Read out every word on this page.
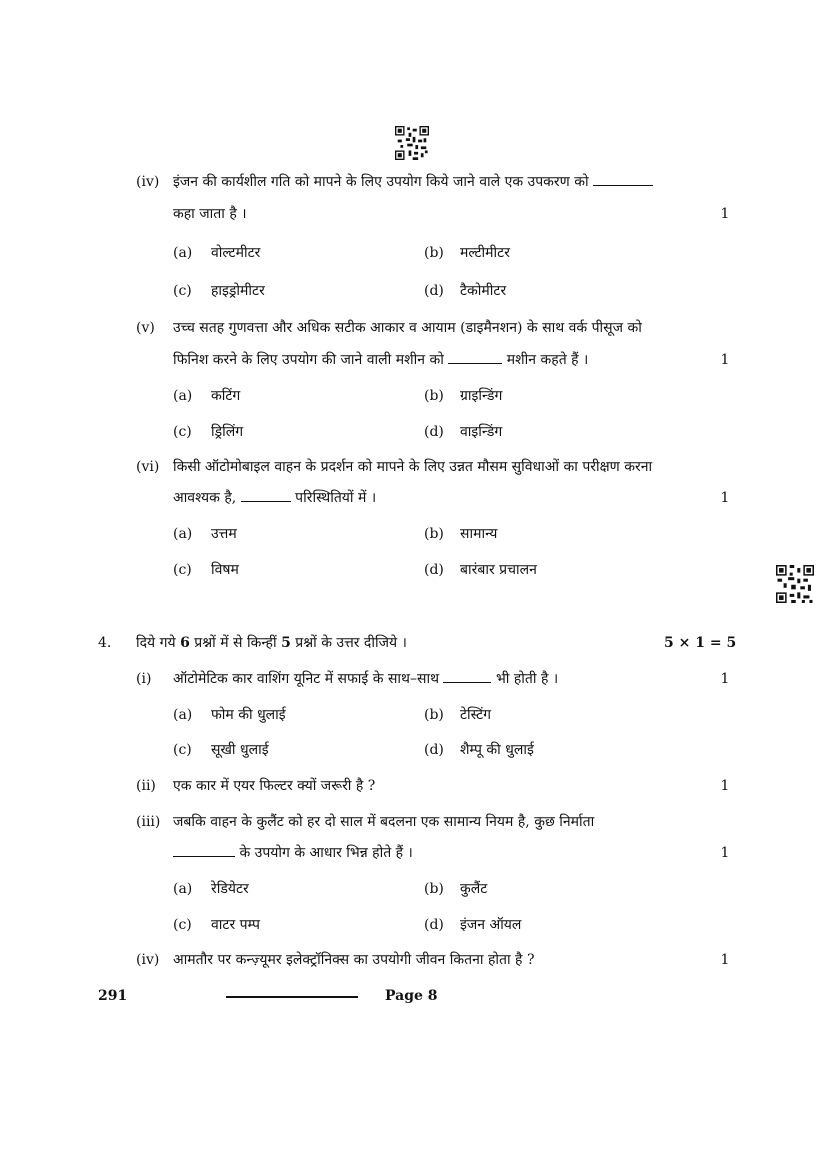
(iv) इंजन की कार्यशील गति को मापने के लिए उपयोग किये जाने वाले एक उपकरण को
कहा जाता है ।	1
(a) वोल्टमीटर	(b) मल्टीमीटर
(c) हाइड्रोमीटर	(d) टैकोमीटर
(v) उच्च सतह गुणवत्ता और अधिक सटीक आकार व आयाम (डाइमैनशन) के साथ वर्क पीसूज को
फिनिश करने के लिए उपयोग की जाने वाली मशीन को	मशीन कहते हैं ।	1
(a) कटिंग	(b) ग्राइन्डिंग
(c) ड्रिलिंग	(d) वाइन्डिंग
(vi) किसी ऑटोमोबाइल वाहन के प्रदर्शन को मापने के लिए उन्नत मौसम सुविधाओं का परीक्षण करना
आवश्यक है,	परिस्थितियों में ।	1
(a) उत्तम	(b) सामान्य
(c) विषम	(d) बारंबार प्रचालन
4. दिये गये 6 प्रश्नों में से किन्हीं 5 प्रश्नों के उत्तर दीजिये ।	5 × 1 = 5
(i) ऑटोमेटिक कार वाशिंग यूनिट में सफाई के साथ–साथ	भी होती है ।	1
(a) फोम की धुलाई	(b) टेस्टिंग
(c) सूखी धुलाई	(d) शैम्पू की धुलाई
(ii) एक कार में एयर फिल्टर क्यों जरूरी है ?	1
(iii) जबकि वाहन के कुलैंट को हर दो साल में बदलना एक सामान्य नियम है, कुछ निर्माता
के उपयोग के आधार भिन्न होते हैं ।	1
(a) रेडियेटर	(b) कुलैंट
(c) वाटर पम्प	(d) इंजन ऑयल
(iv) आमतौर पर कन्ज़्यूमर इलेक्ट्रॉनिक्स का उपयोगी जीवन कितना होता है ?	1
291	Page 8
